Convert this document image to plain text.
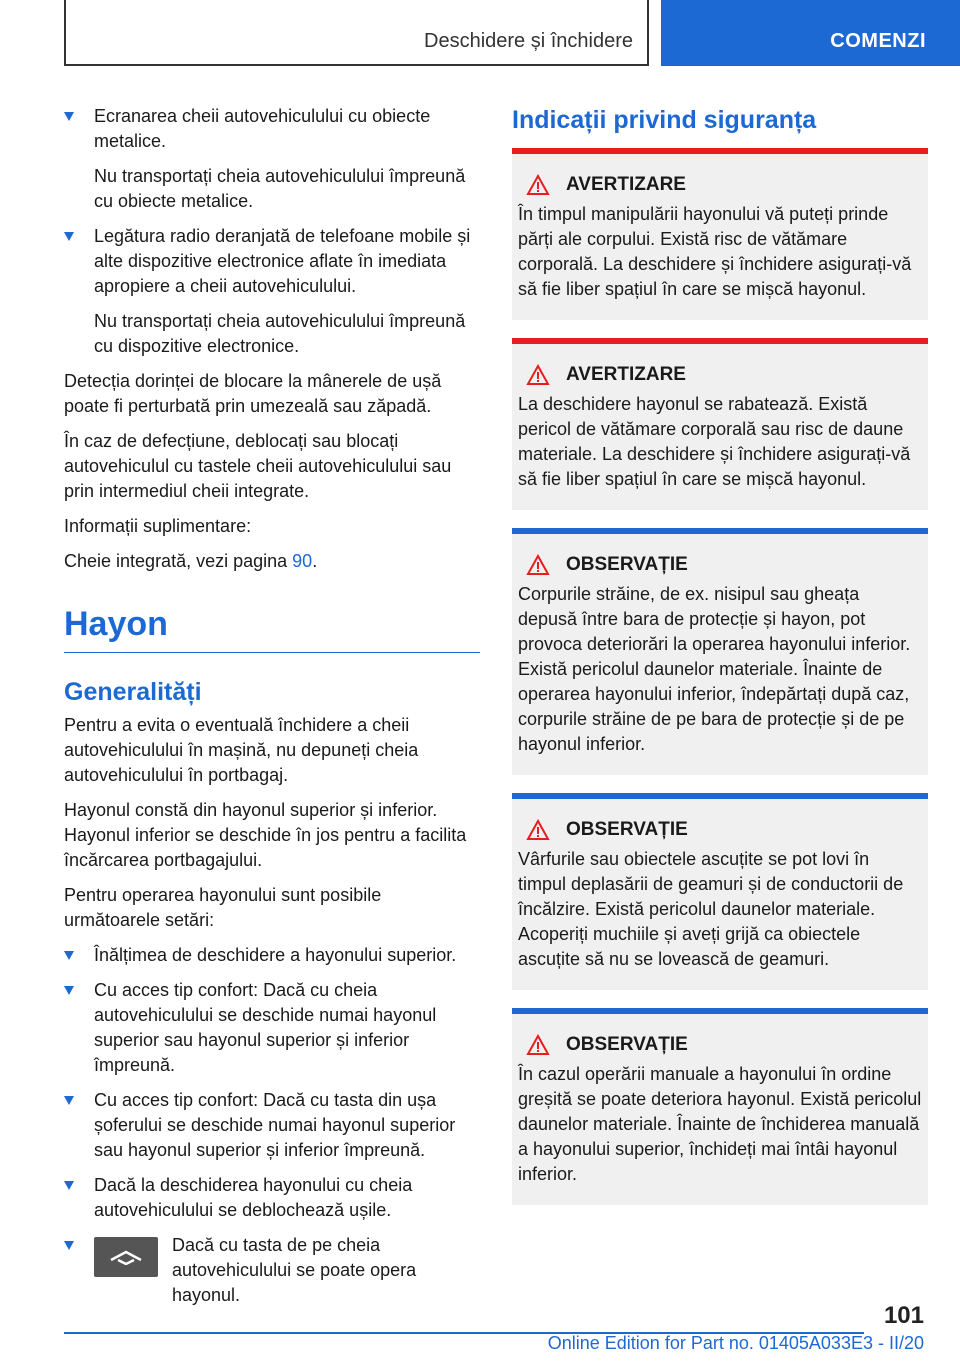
Deschidere și închidere	COMENZI
Ecranarea cheii autovehiculului cu obiecte metalice.
Nu transportați cheia autovehiculului împreună cu obiecte metalice.
Legătura radio deranjată de telefoane mobile și alte dispozitive electronice aflate în imediata apropiere a cheii autovehiculului.
Nu transportați cheia autovehiculului împreună cu dispozitive electronice.

Detecția dorinței de blocare la mânerele de ușă poate fi perturbată prin umezeală sau zăpadă.

În caz de defecțiune, deblocați sau blocați autovehiculul cu tastele cheii autovehiculului sau prin intermediul cheii integrate.

Informații suplimentare:

Cheie integrată, vezi pagina 90.

Hayon
Generalități

Pentru a evita o eventuală închidere a cheii autovehiculului în mașină, nu depuneți cheia autovehiculului în portbagaj.

Hayonul constă din hayonul superior și inferior. Hayonul inferior se deschide în jos pentru a facilita încărcarea portbagajului.

Pentru operarea hayonului sunt posibile următoarele setări:

Înălțimea de deschidere a hayonului superior.
Cu acces tip confort: Dacă cu cheia autovehiculului se deschide numai hayonul superior sau hayonul superior și inferior împreună.
Cu acces tip confort: Dacă cu tasta din ușa șoferului se deschide numai hayonul superior sau hayonul superior și inferior împreună.
Dacă la deschiderea hayonului cu cheia autovehiculului se deblochează ușile.
Dacă cu tasta de pe cheia autovehiculului se poate opera hayonul.
Indicații privind siguranța
AVERTIZARE
În timpul manipulării hayonului vă puteți prinde părți ale corpului. Există risc de vătămare corporală. La deschidere și închidere asigurați-vă să fie liber spațiul în care se mișcă hayonul.
AVERTIZARE
La deschidere hayonul se rabatează. Există pericol de vătămare corporală sau risc de daune materiale. La deschidere și închidere asigurați-vă să fie liber spațiul în care se mișcă hayonul.
OBSERVAȚIE
Corpurile străine, de ex. nisipul sau gheața depusă între bara de protecție și hayon, pot provoca deteriorări la operarea hayonului inferior. Există pericolul daunelor materiale. Înainte de operarea hayonului inferior, îndepărtați după caz, corpurile străine de pe bara de protecție și de pe hayonul inferior.
OBSERVAȚIE
Vârfurile sau obiectele ascuțite se pot lovi în timpul deplasării de geamuri și de conductorii de încălzire. Există pericolul daunelor materiale. Acoperiți muchiile și aveți grijă ca obiectele ascuțite să nu se lovească de geamuri.
OBSERVAȚIE
În cazul operării manuale a hayonului în ordine greșită se poate deteriora hayonul. Există pericolul daunelor materiale. Înainte de închiderea manuală a hayonului superior, închideți mai întâi hayonul inferior.
101
Online Edition for Part no. 01405A033E3 - II/20
